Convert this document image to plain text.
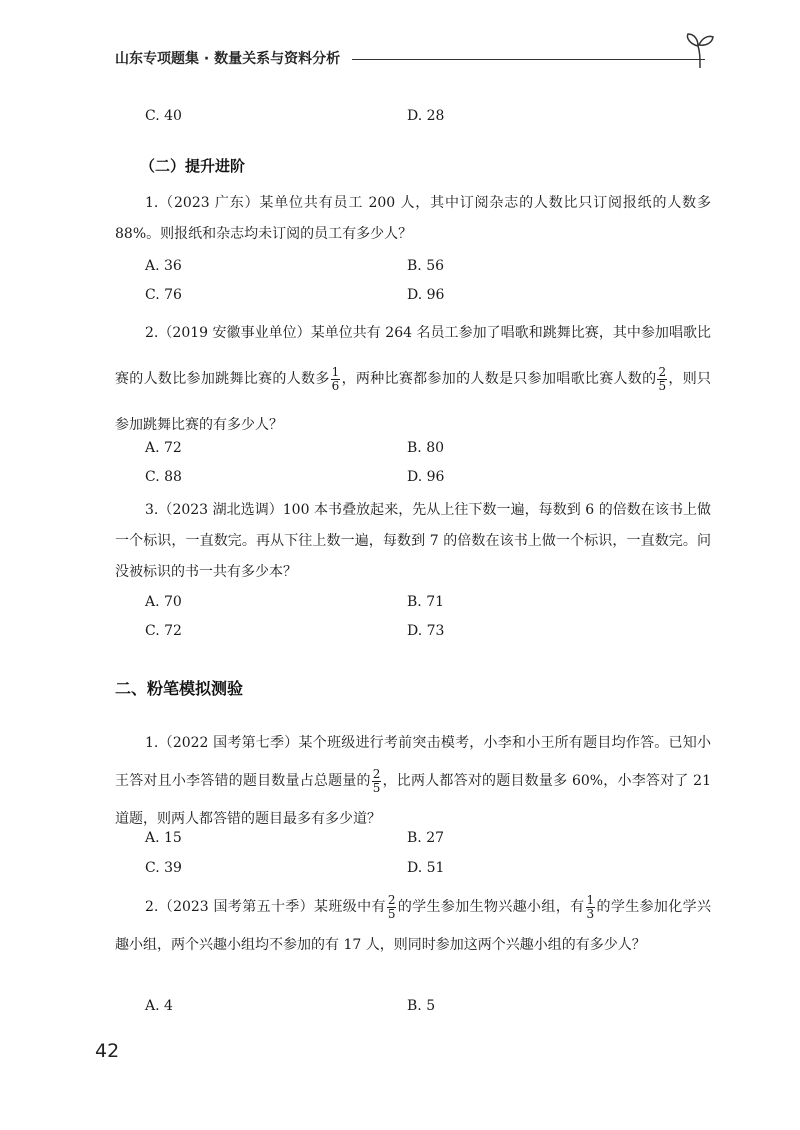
山东专项题集 · 数量关系与资料分析
C. 40	D. 28
（二）提升进阶
1.（2023 广东）某单位共有员工 200 人，其中订阅杂志的人数比只订阅报纸的人数多 88%。则报纸和杂志均未订阅的员工有多少人？
A. 36	B. 56
C. 76	D. 96
2.（2019 安徽事业单位）某单位共有 264 名员工参加了唱歌和跳舞比赛，其中参加唱歌比赛的人数比参加跳舞比赛的人数多 $\frac{1}{6}$ ，两种比赛都参加的人数是只参加唱歌比赛人数的 $\frac{2}{5}$ ，则只参加跳舞比赛的有多少人？
A. 72	B. 80
C. 88	D. 96
3.（2023 湖北选调）100 本书叠放起来，先从上往下数一遍，每数到 6 的倍数在该书上做一个标识，一直数完。再从下往上数一遍，每数到 7 的倍数在该书上做一个标识，一直数完。问没被标识的书一共有多少本？
A. 70	B. 71
C. 72	D. 73
二、粉笔模拟测验
1.（2022 国考第七季）某个班级进行考前突击模考，小李和小王所有题目均作答。已知小王答对且小李答错的题目数量占总题量的 $\frac{2}{5}$ ，比两人都答对的题目数量多 60%，小李答对了 21 道题，则两人都答错的题目最多有多少道？
A. 15	B. 27
C. 39	D. 51
2.（2023 国考第五十季）某班级中有 $\frac{2}{5}$ 的学生参加生物兴趣小组，有 $\frac{1}{3}$ 的学生参加化学兴趣小组，两个兴趣小组均不参加的有 17 人，则同时参加这两个兴趣小组的有多少人？
A. 4	B. 5
42
